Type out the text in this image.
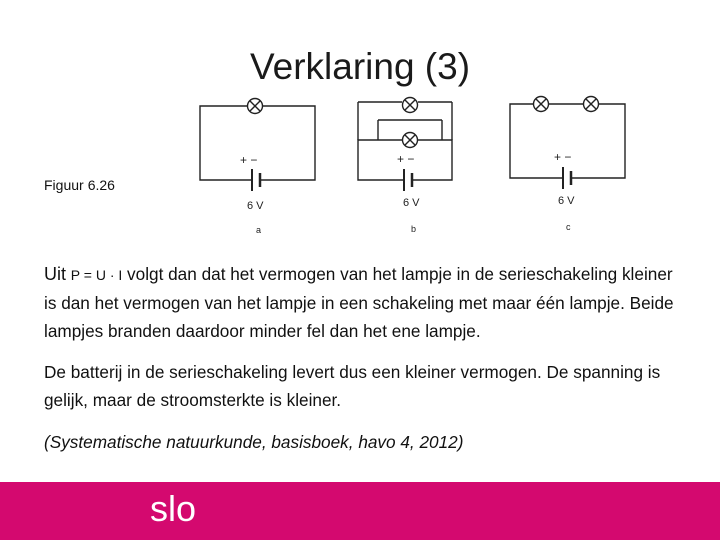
Verklaring (3)
Figuur 6.26
+ −
6 V
a
+ −
6 V
b
+ −
6 V
c

Uit P = U · I volgt dan dat het vermogen van het lampje in de serieschakeling kleiner is dan het vermogen van het lampje in een schakeling met maar één lampje. Beide lampjes branden daardoor minder fel dan het ene lampje.

De batterij in de serieschakeling levert dus een kleiner vermogen. De spanning is gelijk, maar de stroomsterkte is kleiner.

(Systematische natuurkunde, basisboek, havo 4, 2012)

slo
